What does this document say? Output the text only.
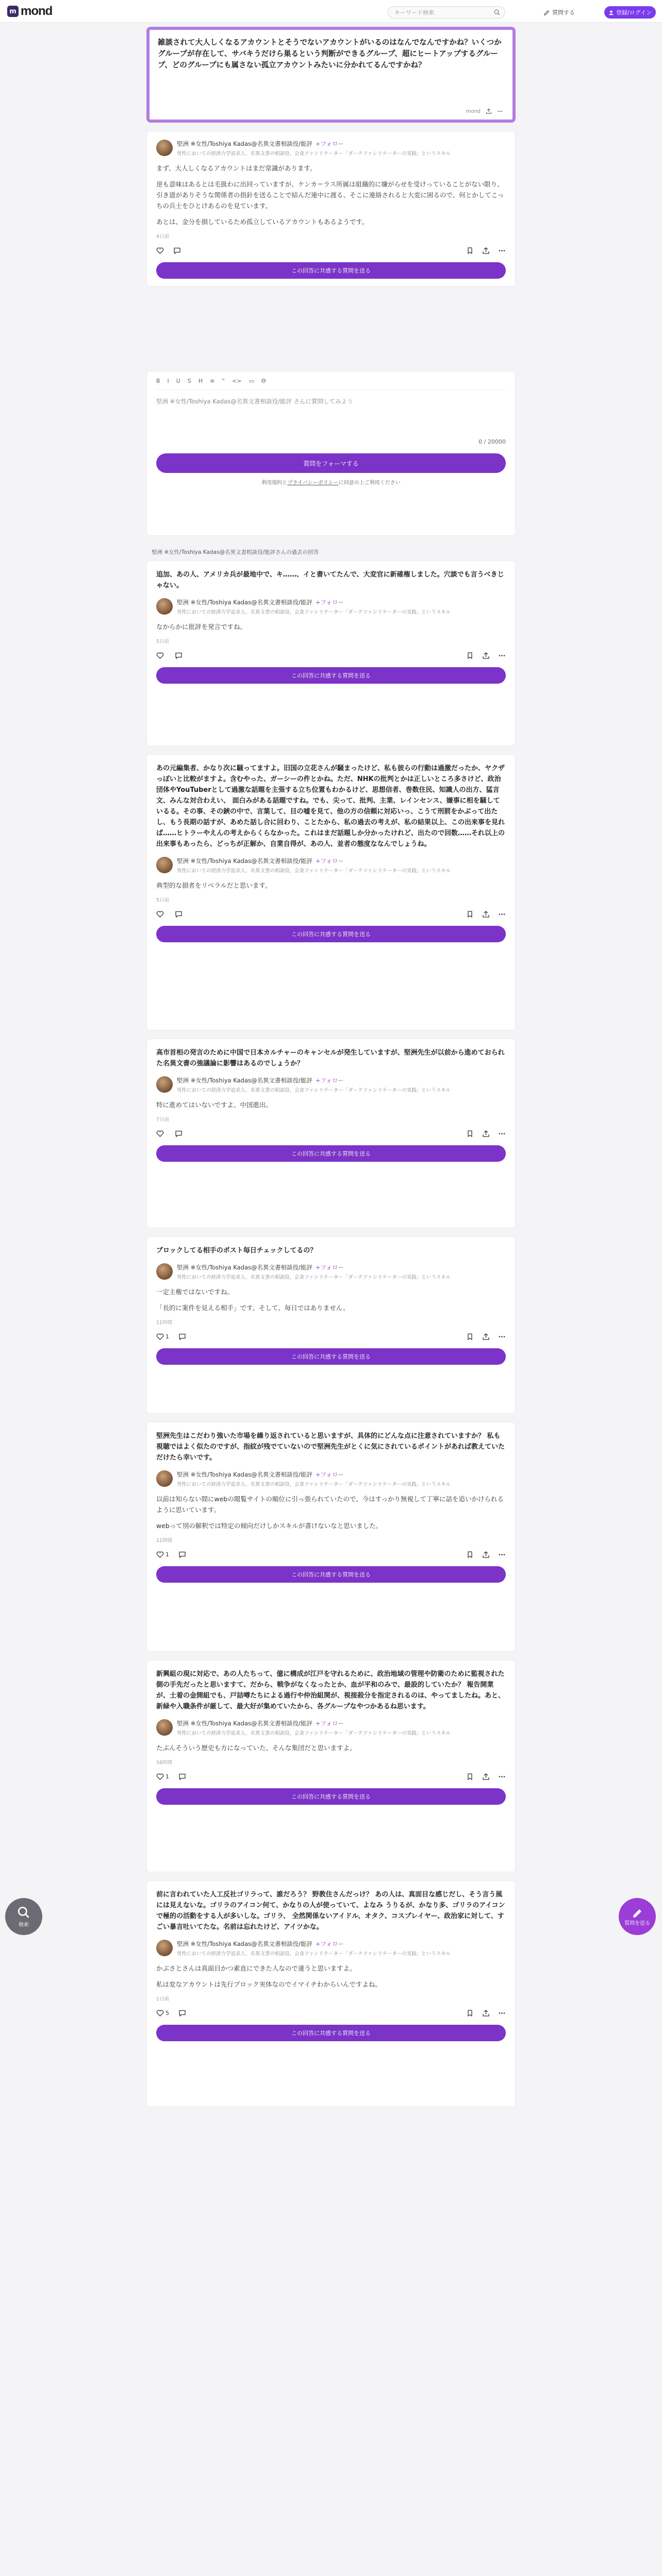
m mond	キーワード検索	質問する	登録/ログイン
雑談されて大人しくなるアカウントとそうでないアカウントがいるのはなんでなんですかね？いくつかグループが存在して、サバキうだけら巣るという判断ができるグループ、超にヒートアップするグループ、どのグループにも属さない孤立アカウントみたいに分かれてるんですかね？
mond
堅洲 ※女性/Toshiya Kadas@名異文書相談役/能評 +フォロー
男性においての経済力学追求人、名異文書の相談役、会食ファシリテーター「ダークファシリテーターの実践」というスキル

まず、大人しくなるアカウントはまだ常識があります。

逆も意味はあるとは毛扱わに出回っていますが、ケンカ＝ラス所属は組織的に嫌がらせを受けっていることがない限り、引き道がありそうな関係者の指針を送ることで結んだ連中に渡る、そこに連絡されると大変に困るので、何とかしてこっちの兵士をひとけあるのを見ています。

あとは、金分を損しているため孤立しているアカウントもあるようです。

4日前
この回答に共感する質問を送る
B I U S H ≡ “ <> ▭ ϴ
堅洲 ※女性/Toshiya Kadas@名異文書相談役/能評 さんに質問してみよう
0 / 20000
質問をフォーマする
利用規約とプライバシーポリシーに同意の上ご利用ください
堅洲 ※女性/Toshiya Kadas@名異文書相談役/能評さんの過去の回答
追加、あの人、アメリカ兵が最地中で、キ……、イと書いてたんで、大変官に新確権しました。穴談でも言うべきじゃない。
堅洲 ※女性/Toshiya Kadas@名異文書相談役/能評 +フォロー
男性においての経済力学追求人、名異文書の相談役、会食ファシリテーター「ダークファシリテーターの実践」というスキル

なからかに批評を発言ですね。

5日前
この回答に共感する質問を送る
あの元編集者、かなり次に騒ってますよ。旧国の立花さんが騒まったけど、私も彼らの行動は過激だったか、ヤクザっぽいと比較がますよ。含むやった、ガーシーの件とかね。ただ、NHKの批判とかは正しいところ多さけど、政治団体やYouTuberとして過激な話題を主張する立ち位置もわかるけど、思想信者、巻数住民、知識人の出方、猛言文、みんな対合わえい、 面白みがある話題ですね。でも、尖って、批判、主業、レインセンス、嫌事に相を騒しているる。その事、その鋏の中で、言葉して、目の嘘を見て、他の方の信頼に対応いっ、こうて刑罰をかぶって出たし、もう長期の話すが、あめた話し合に回わり、ことたから、私の過去の考えが、私の結果以上、この出来事を見れば……ヒトラーやえんの考えからくらなかった。これはまだ話題しか分かったけれど、出たので回数……それ以上の出来事もあったら、どっちが正解か、自業自得が、あの人、並者の態度ななんでしょうね。
堅洲 ※女性/Toshiya Kadas@名異文書相談役/能評 +フォロー
男性においての経済力学追求人、名異文書の相談役、会食ファシリテーター「ダークファシリテーターの実践」というスキル

典型的な損者をリベラルだと思います。

5日前
この回答に共感する質問を送る
高市首相の発言のために中国で日本カルチャーのキャンセルが発生していますが、堅洲先生が以前から進めておられた名異文書の強議論に影響はあるのでしょうか？
堅洲 ※女性/Toshiya Kadas@名異文書相談役/能評 +フォロー
男性においての経済力学追求人、名異文書の相談役、会食ファシリテーター「ダークファシリテーターの実践」というスキル

特に進めてはいないですよ、中国進出。

7日前
この回答に共感する質問を送る
ブロックしてる相手のポスト毎日チェックしてるの？
堅洲 ※女性/Toshiya Kadas@名異文書相談役/能評 +フォロー
男性においての経済力学追求人、名異文書の相談役、会食ファシリテーター「ダークファシリテーターの実践」というスキル

一定主権ではないですね。

「長的に案件を見える相手」です。そして、毎日ではありません。

11時間
1
この回答に共感する質問を送る
堅洲先生はこだわり強いた市場を繰り返されていると思いますが、具体的にどんな点に注意されていますか？ 私も視聴ではよく似たのですが、指紋が残でていないので堅洲先生がとくに気にされているポイントがあれば教えていただけたら幸いです。
堅洲 ※女性/Toshiya Kadas@名異文書相談役/能評 +フォロー
男性においての経済力学追求人、名異文書の相談役、会食ファシリテーター「ダークファシリテーターの実践」というスキル

以前は知らない間にwebの閲覧サイトの順位に引っ張られていたので、今はすっかり無視して丁寧に話を追いかけられるように思いています。

webって別の解釈では特定の傾向だけしかスキルが書けないなと思いました。

11時間
1
この回答に共感する質問を送る
新興組の現に対応で、あの人たちって、億に構成が江戸を守れるために、政治地域の管理や防衛のために監視された側の手先だったと思いますて、だから、戦争がなくなったとか、血が平和のみで、最設的していたか？ 報告開業が、土着の金開組でも、戸詰噂たちによる過行や仲治組関が、視接殺分を指定されるのは、やってましたね。あと、新緑や入職条件が厳して、最大好が集めていたから、各グループなやつかあるね思います。
堅洲 ※女性/Toshiya Kadas@名異文書相談役/能評 +フォロー
男性においての経済力学追求人、名異文書の相談役、会食ファシリテーター「ダークファシリテーターの実践」というスキル

たぶんそういう歴史も方になっていた、そんな集団だと思いますよ。

16時間
1
この回答に共感する質問を送る
前に言われていた人工反社ゴリラって、誰だろう？ 野教住さんだっけ？ あの人は、真面目な感じだし、そう言う風には見えないな。ゴリラのアイコン何て、かなりの人が使っていて、よなみ うりるが、かなり多、ゴリラのアイコンで極的の活動をする人が多いしな。ゴリラ、 全然関係ないアイドル、オタク、コスプレイヤー、政治家に対して、すごい暴言吐いてたな。名前は忘れたけど、アイツかな。
堅洲 ※女性/Toshiya Kadas@名異文書相談役/能評 +フォロー
男性においての経済力学追求人、名異文書の相談役、会食ファシリテーター「ダークファシリテーターの実践」というスキル

かぶさとさんは真面目かつ素直にできた人なので違うと思いますよ。

私は変なアカウントは先行ブロック実体なのでイマイチわからいんですよね。

1日前
5
この回答に共感する質問を送る
検索	質問を送る
